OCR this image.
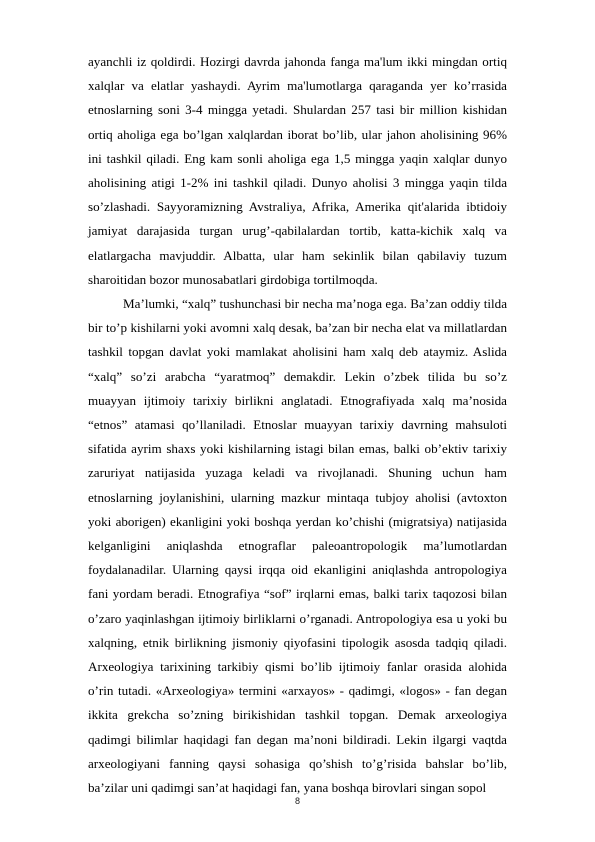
ayanchli iz qoldirdi. Hozirgi davrda jahonda fanga ma'lum ikki mingdan ortiq xalqlar va elatlar yashaydi. Ayrim ma'lumotlarga qaraganda yer ko’rrasida etnoslarning soni 3-4 mingga yetadi. Shulardan 257 tasi bir million kishidan ortiq aholiga ega bo’lgan xalqlardan iborat bo’lib, ular jahon aholisining 96% ini tashkil qiladi. Eng kam sonli aholiga ega 1,5 mingga yaqin xalqlar dunyo aholisining atigi 1-2% ini tashkil qiladi. Dunyo aholisi 3 mingga yaqin tilda so’zlashadi. Sayyoramizning Avstraliya, Afrika, Amerika qit'alarida ibtidoiy jamiyat darajasida turgan urug’-qabilalardan tortib, katta-kichik xalq va elatlargacha mavjuddir. Albatta, ular ham sekinlik bilan qabilaviy tuzum sharoitidan bozor munosabatlari girdobiga tortilmoqda.

Ma’lumki, “xalq” tushunchasi bir necha ma’noga ega. Ba’zan oddiy tilda bir to’p kishilarni yoki avomni xalq desak, ba’zan bir necha elat va millatlardan tashkil topgan davlat yoki mamlakat aholisini ham xalq deb ataymiz. Aslida “xalq” so’zi arabcha “yaratmoq” demakdir. Lekin o’zbek tilida bu so’z muayyan ijtimoiy tarixiy birlikni anglatadi. Etnografiyada xalq ma’nosida “etnos” atamasi qo’llaniladi. Etnoslar muayyan tarixiy davrning mahsuloti sifatida ayrim shaxs yoki kishilarning istagi bilan emas, balki ob’ektiv tarixiy zaruriyat natijasida yuzaga keladi va rivojlanadi. Shuning uchun ham etnoslarning joylanishini, ularning mazkur mintaqa tubjoy aholisi (avtoxton yoki aborigen) ekanligini yoki boshqa yerdan ko’chishi (migratsiya) natijasida kelganligini aniqlashda etnograflar paleoantropologik ma’lumotlardan foydalanadilar. Ularning qaysi irqqa oid ekanligini aniqlashda antropologiya fani yordam beradi. Etnografiya “sof” irqlarni emas, balki tarix taqozosi bilan o’zaro yaqinlashgan ijtimoiy birliklarni o’rganadi. Antropologiya esa u yoki bu xalqning, etnik birlikning jismoniy qiyofasini tipologik asosda tadqiq qiladi. Arxeologiya tarixining tarkibiy qismi bo’lib ijtimoiy fanlar orasida alohida o’rin tutadi. «Arxeologiya» termini «arxayos» - qadimgi, «logos» - fan degan ikkita grekcha so’zning birikishidan tashkil topgan. Demak arxeologiya qadimgi bilimlar haqidagi fan degan ma’noni bildiradi. Lekin ilgargi vaqtda arxeologiyani fanning qaysi sohasiga qo’shish to’g’risida bahslar bo’lib, ba’zilar uni qadimgi san’at haqidagi fan, yana boshqa birovlari singan sopol

8
